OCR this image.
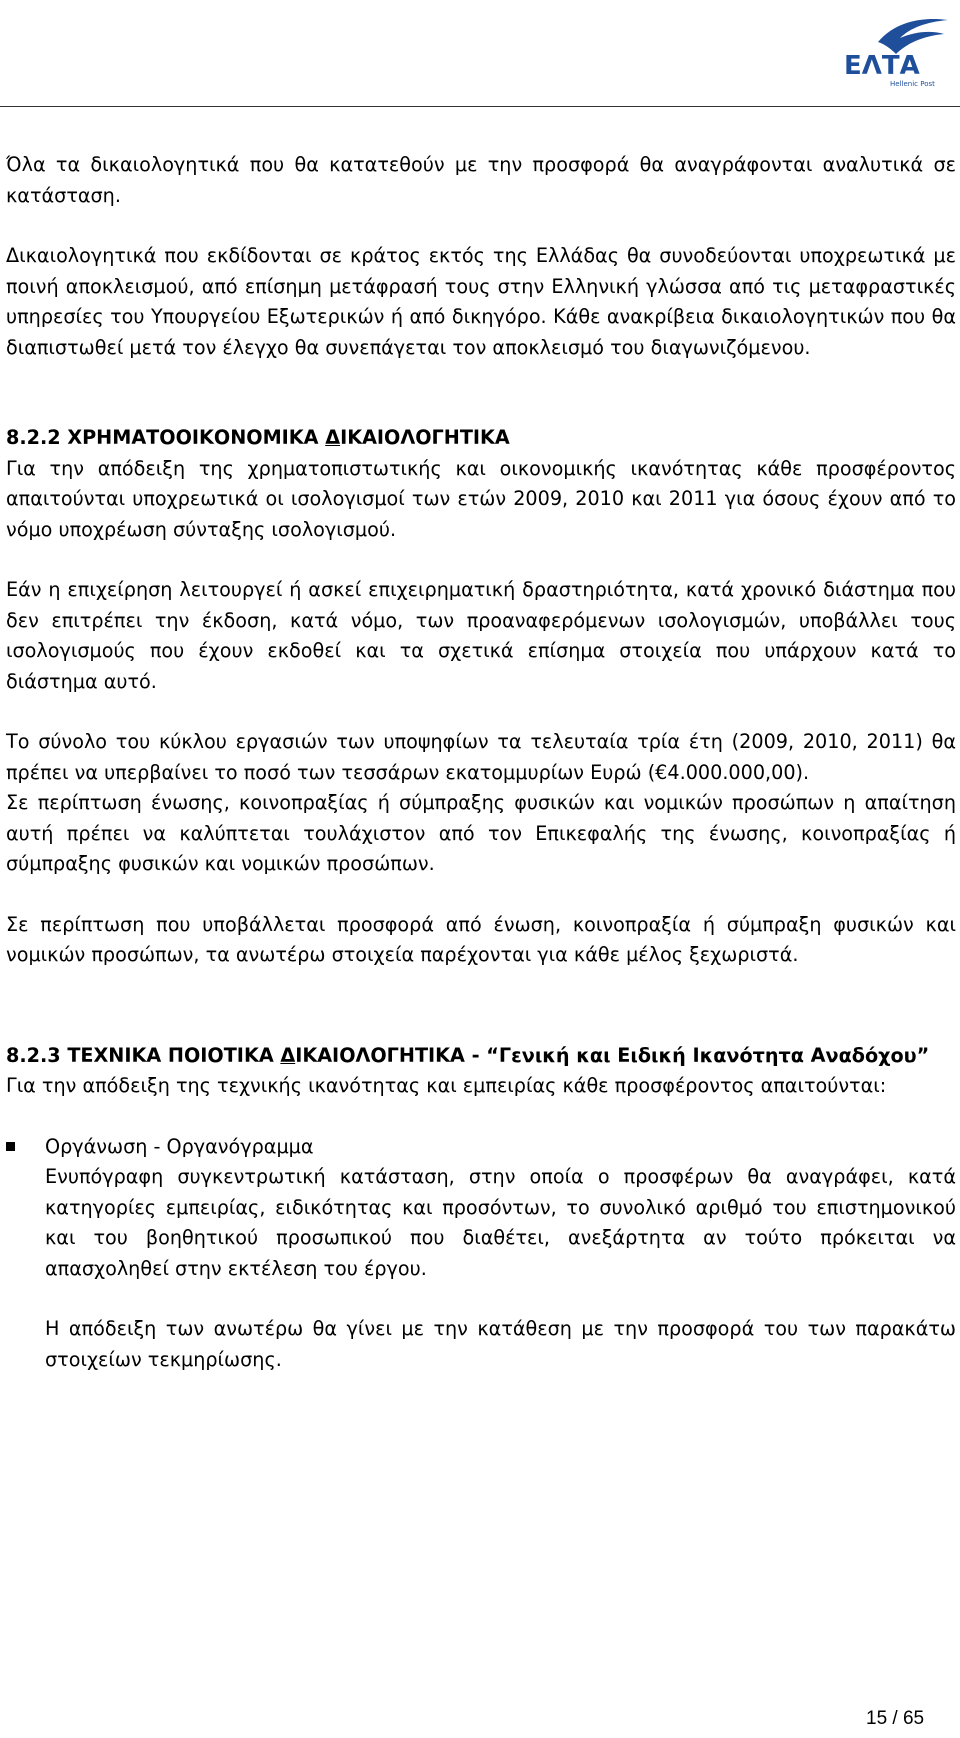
ΕΛΤΑ
Hellenic Post

Όλα τα δικαιολογητικά που θα κατατεθούν με την προσφορά θα αναγράφονται αναλυτικά σε κατάσταση.

Δικαιολογητικά που εκδίδονται σε κράτος εκτός της Ελλάδας θα συνοδεύονται υποχρεωτικά με ποινή αποκλεισμού, από επίσημη μετάφρασή τους στην Ελληνική γλώσσα από τις μεταφραστικές υπηρεσίες του Υπουργείου Εξωτερικών ή από δικηγόρο. Κάθε ανακρίβεια δικαιολογητικών που θα διαπιστωθεί μετά τον έλεγχο θα συνεπάγεται τον αποκλεισμό του διαγωνιζόμενου.

8.2.2 ΧΡΗΜΑΤΟΟΙΚΟΝΟΜΙΚΑ ΔΙΚΑΙΟΛΟΓΗΤΙΚΑ

Για την απόδειξη της χρηματοπιστωτικής και οικονομικής ικανότητας κάθε προσφέροντος απαιτούνται υποχρεωτικά οι ισολογισμοί των ετών 2009, 2010 και 2011 για όσους έχουν από το νόμο υποχρέωση σύνταξης ισολογισμού.

Εάν η επιχείρηση λειτουργεί ή ασκεί επιχειρηματική δραστηριότητα, κατά χρονικό διάστημα που δεν επιτρέπει την έκδοση, κατά νόμο, των προαναφερόμενων ισολογισμών, υποβάλλει τους ισολογισμούς που έχουν εκδοθεί και τα σχετικά επίσημα στοιχεία που υπάρχουν κατά το διάστημα αυτό.

Το σύνολο του κύκλου εργασιών των υποψηφίων τα τελευταία τρία έτη (2009, 2010, 2011) θα πρέπει να υπερβαίνει το ποσό των τεσσάρων εκατομμυρίων Ευρώ (€4.000.000,00).

Σε περίπτωση ένωσης, κοινοπραξίας ή σύμπραξης φυσικών και νομικών προσώπων η απαίτηση αυτή πρέπει να καλύπτεται τουλάχιστον από τον Επικεφαλής της ένωσης, κοινοπραξίας ή σύμπραξης φυσικών και νομικών προσώπων.

Σε περίπτωση που υποβάλλεται προσφορά από ένωση, κοινοπραξία ή σύμπραξη φυσικών και νομικών προσώπων, τα ανωτέρω στοιχεία παρέχονται για κάθε μέλος ξεχωριστά.

8.2.3 ΤΕΧΝΙΚΑ ΠΟΙΟΤΙΚΑ ΔΙΚΑΙΟΛΟΓΗΤΙΚΑ - “Γενική και Ειδική Ικανότητα Αναδόχου”

Για την απόδειξη της τεχνικής ικανότητας και εμπειρίας κάθε προσφέροντος απαιτούνται:

Οργάνωση - Οργανόγραμμα

Ενυπόγραφη συγκεντρωτική κατάσταση, στην οποία ο προσφέρων θα αναγράφει, κατά κατηγορίες εμπειρίας, ειδικότητας και προσόντων, το συνολικό αριθμό του επιστημονικού και του βοηθητικού προσωπικού που διαθέτει, ανεξάρτητα αν τούτο πρόκειται να απασχοληθεί στην εκτέλεση του έργου.

Η απόδειξη των ανωτέρω θα γίνει με την κατάθεση με την προσφορά του των παρακάτω στοιχείων τεκμηρίωσης.

15 / 65
